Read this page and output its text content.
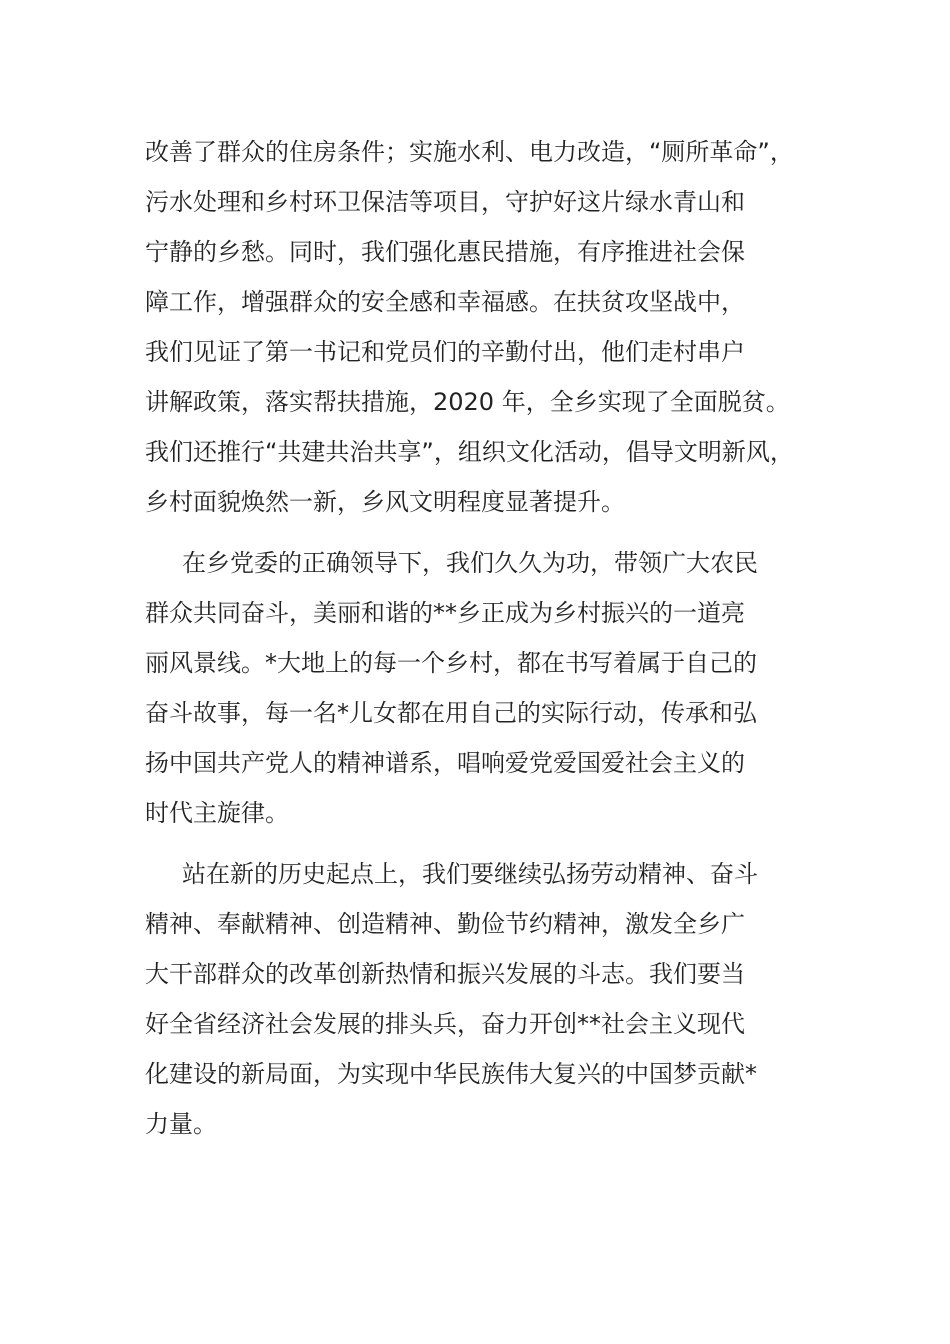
改善了群众的住房条件；实施水利、电力改造，“厕所革命”，
污水处理和乡村环卫保洁等项目，守护好这片绿水青山和
宁静的乡愁。同时，我们强化惠民措施，有序推进社会保
障工作，增强群众的安全感和幸福感。在扶贫攻坚战中，
我们见证了第一书记和党员们的辛勤付出，他们走村串户
讲解政策，落实帮扶措施，2020 年，全乡实现了全面脱贫。
我们还推行“共建共治共享”，组织文化活动，倡导文明新风，
乡村面貌焕然一新，乡风文明程度显著提升。
在乡党委的正确领导下，我们久久为功，带领广大农民
群众共同奋斗，美丽和谐的**乡正成为乡村振兴的一道亮
丽风景线。*大地上的每一个乡村，都在书写着属于自己的
奋斗故事，每一名*儿女都在用自己的实际行动，传承和弘
扬中国共产党人的精神谱系，唱响爱党爱国爱社会主义的
时代主旋律。
站在新的历史起点上，我们要继续弘扬劳动精神、奋斗
精神、奉献精神、创造精神、勤俭节约精神，激发全乡广
大干部群众的改革创新热情和振兴发展的斗志。我们要当
好全省经济社会发展的排头兵，奋力开创**社会主义现代
化建设的新局面，为实现中华民族伟大复兴的中国梦贡献*
力量。
